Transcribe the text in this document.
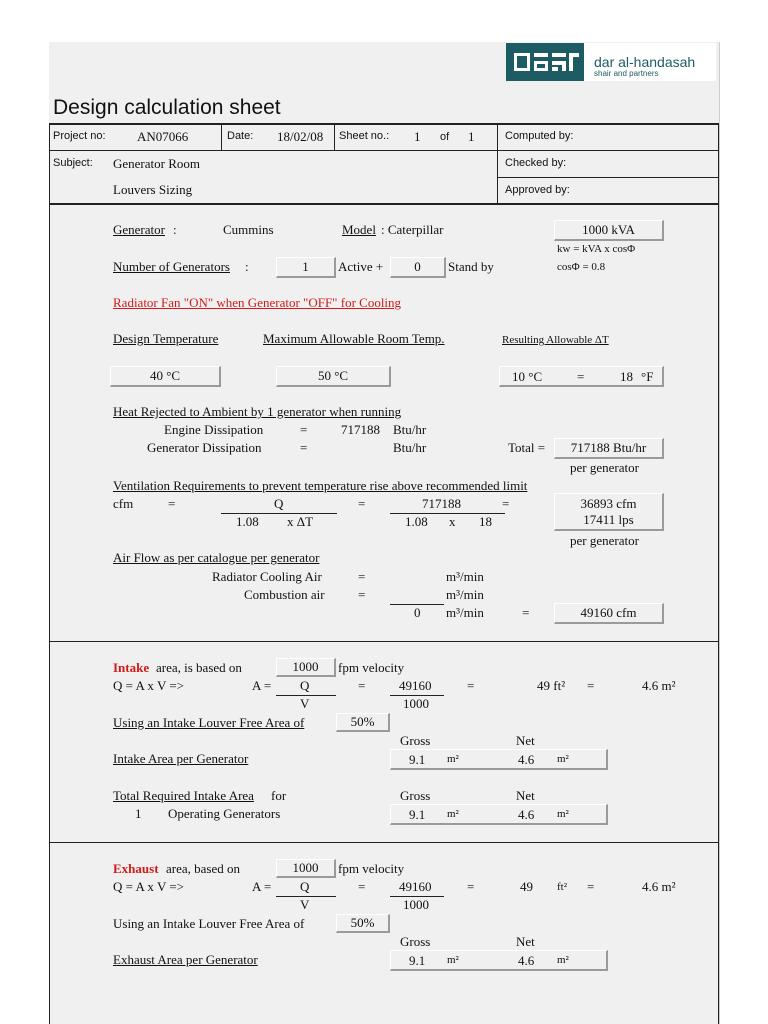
dar al-handasah
shair and partners
Design calculation sheet
Project no: AN07066	Date: 18/02/08 Sheet no.: 1 of 1	Computed by:
Subject: Generator Room
Louvers Sizing
Checked by:
Approved by:
Generator :	Cummins	Model : Caterpillar	1000 kVA
kw = kVA x cosΦ
Number of Generators :	1	Active +	0	Stand by	cosΦ = 0.8
Radiator Fan "ON" when Generator "OFF" for Cooling
Design Temperature	Maximum Allowable Room Temp.	Resulting Allowable ΔT
40 °C	50 °C	10 °C	=	18 °F
Heat Rejected to Ambient by 1 generator when running
Engine Dissipation	=	717188 Btu/hr
Generator Dissipation	=	Btu/hr	Total =	717188 Btu/hr
per generator
Ventilation Requirements to prevent temperature rise above recommended limit
cfm	=	Q
1.08 x ΔT
=	717188
1.08 x 18
=	36893 cfm
17411 lps
per generator
Air Flow as per catalogue per generator
Radiator Cooling Air	=	m³/min
Combustion air	=	m³/min
0 m³/min	=	49160 cfm
Intake area, is based on	1000	fpm velocity
Q = A x V =>	A = Q
V
=	49160
1000
=	49 ft² =	4.6 m²
Using an Intake Louver Free Area of	50%
Gross	Net
Intake Area per Generator	9.1 m²	4.6 m²
Total Required Intake Area for	Gross	Net
1 Operating Generators	9.1 m²	4.6 m²
Exhaust area, based on	1000	fpm velocity
Q = A x V =>	A = Q
V
=	49160
1000
=	49 ft² =	4.6 m²
Using an Intake Louver Free Area of	50%
Gross	Net
Exhaust Area per Generator	9.1 m²	4.6 m²
